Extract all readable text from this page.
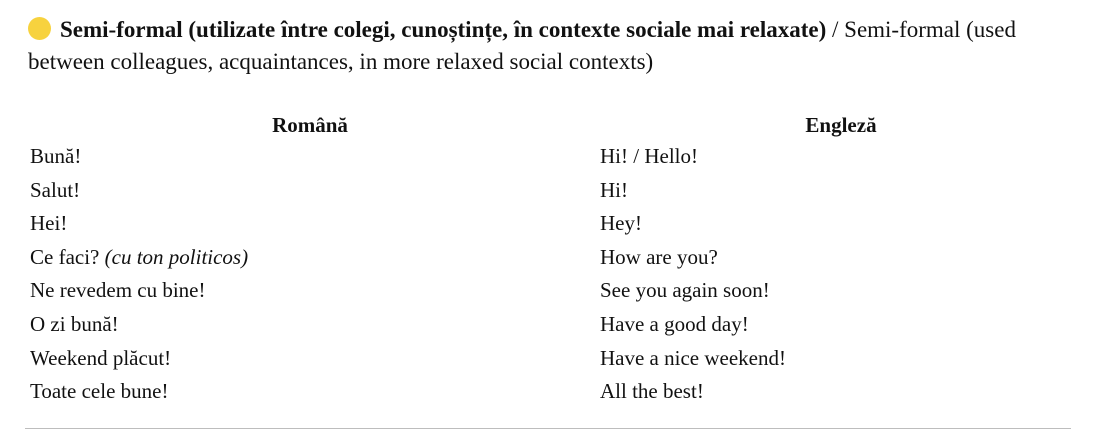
Semi-formal (utilizate între colegi, cunoștințe, în contexte sociale mai relaxate) / Semi-formal (used between colleagues, acquaintances, in more relaxed social contexts)
Română	Engleză
Bună!	Hi! / Hello!
Salut!	Hi!
Hei!	Hey!
Ce faci? (cu ton politicos)	How are you?
Ne revedem cu bine!	See you again soon!
O zi bună!	Have a good day!
Weekend plăcut!	Have a nice weekend!
Toate cele bune!	All the best!
